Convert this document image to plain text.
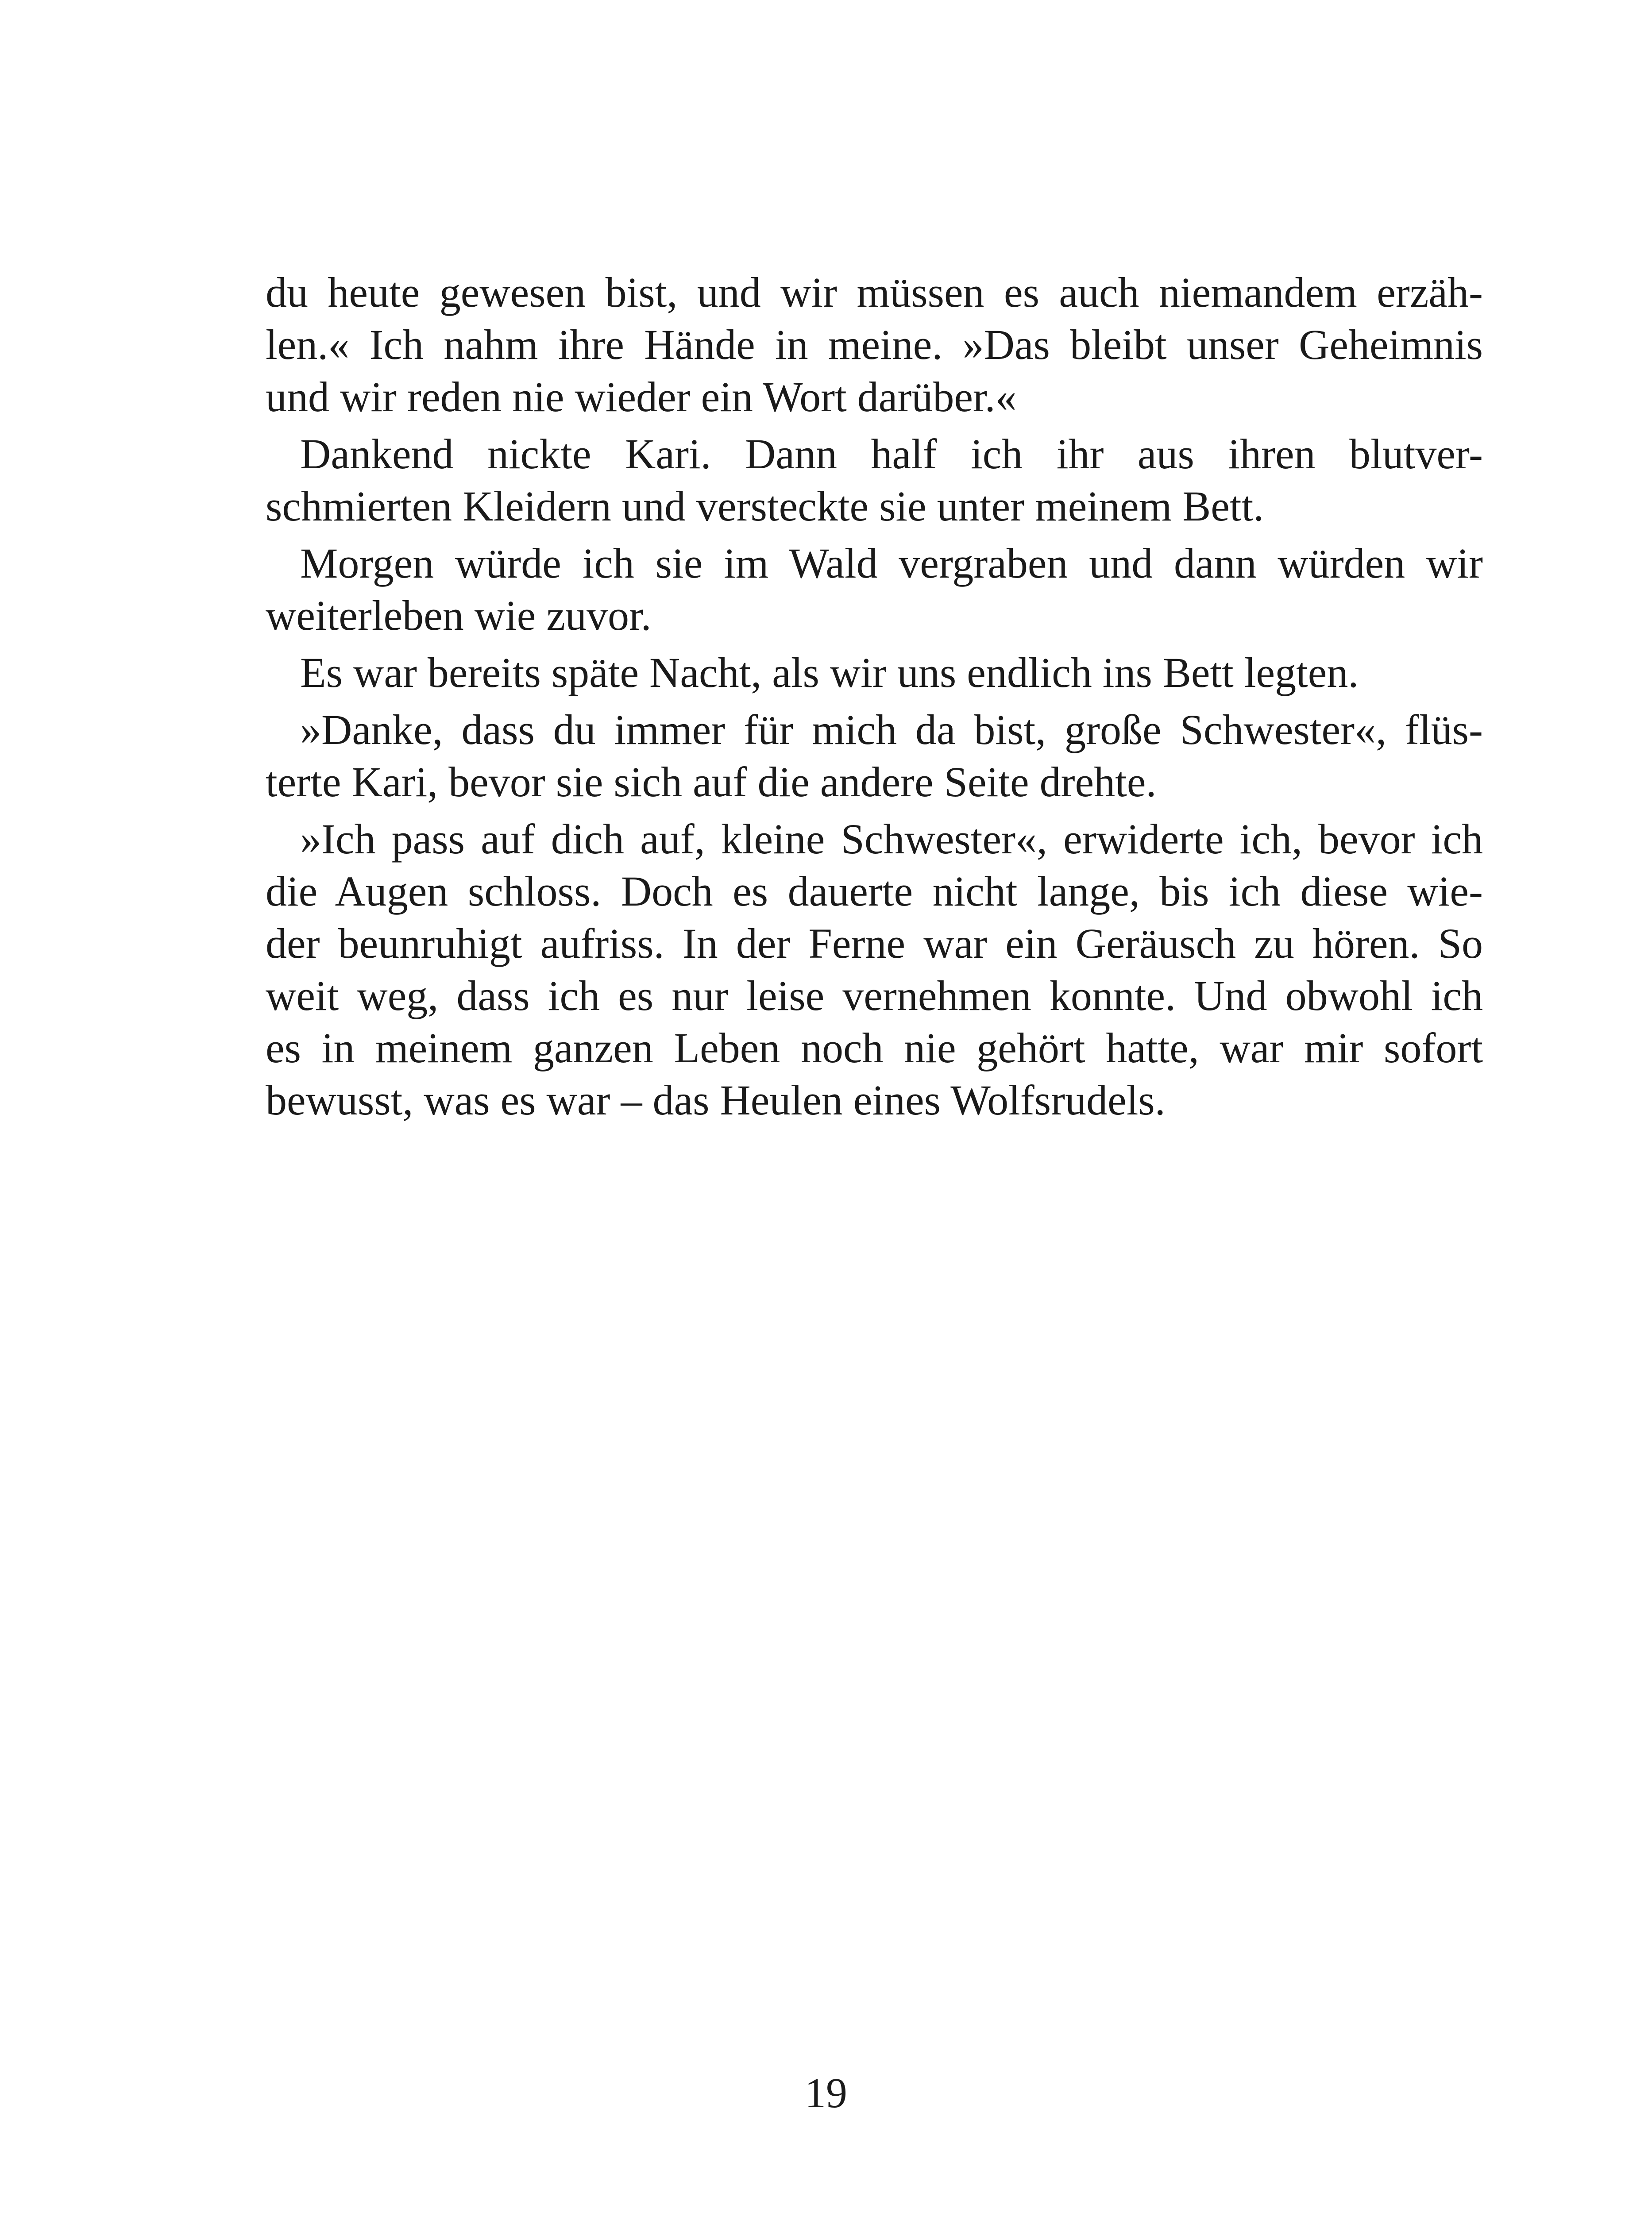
du heute gewesen bist, und wir müssen es auch niemandem erzäh-
len.« Ich nahm ihre Hände in meine. »Das bleibt unser Geheimnis
und wir reden nie wieder ein Wort darüber.«
Dankend nickte Kari. Dann half ich ihr aus ihren blutver-
schmierten Kleidern und versteckte sie unter meinem Bett.
Morgen würde ich sie im Wald vergraben und dann würden wir
weiterleben wie zuvor.
Es war bereits späte Nacht, als wir uns endlich ins Bett legten.
»Danke, dass du immer für mich da bist, große Schwester«, flüs-
terte Kari, bevor sie sich auf die andere Seite drehte.
»Ich pass auf dich auf, kleine Schwester«, erwiderte ich, bevor ich
die Augen schloss. Doch es dauerte nicht lange, bis ich diese wie-
der beunruhigt aufriss. In der Ferne war ein Geräusch zu hören. So
weit weg, dass ich es nur leise vernehmen konnte. Und obwohl ich
es in meinem ganzen Leben noch nie gehört hatte, war mir sofort
bewusst, was es war – das Heulen eines Wolfsrudels.
19
